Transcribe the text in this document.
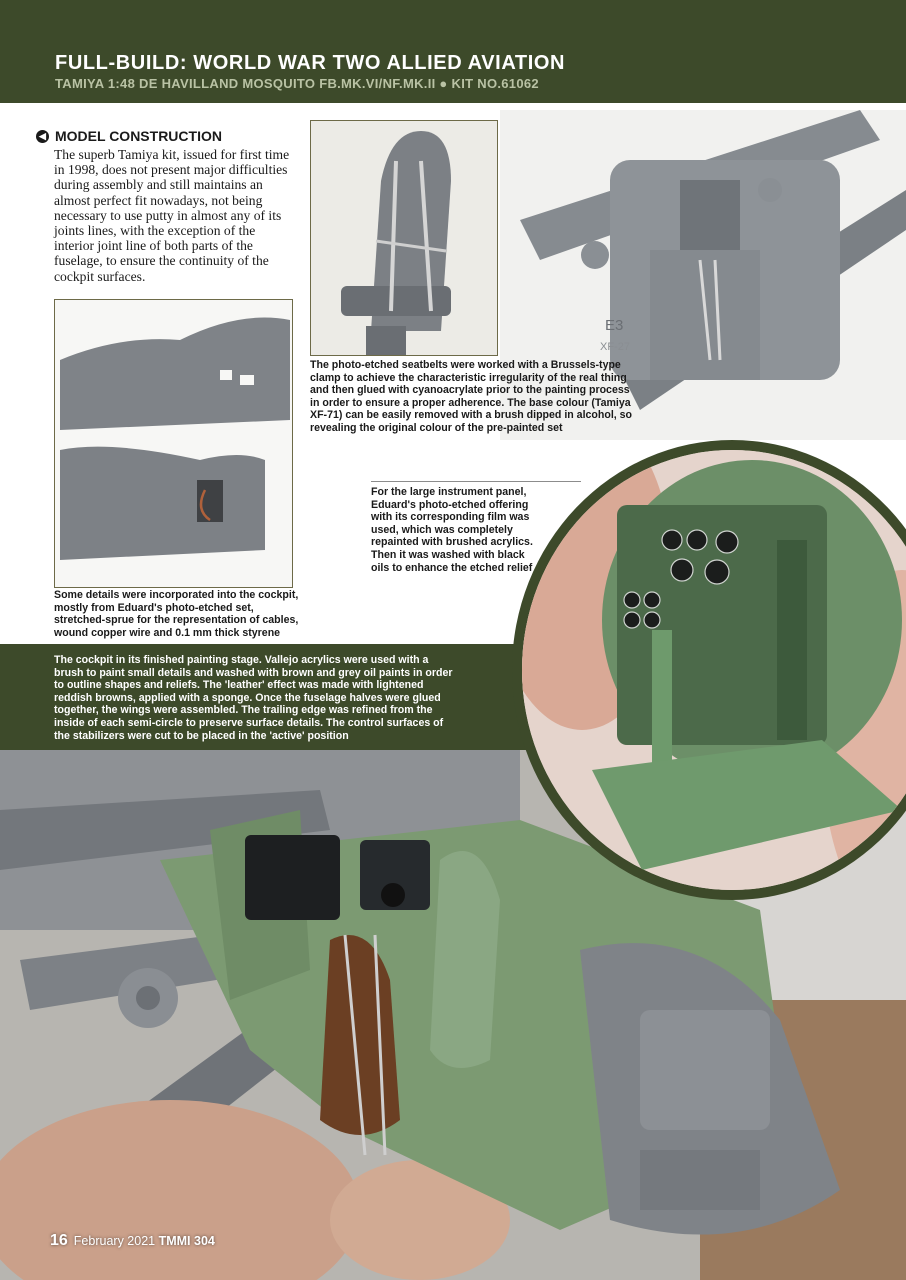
FULL-BUILD: WORLD WAR TWO ALLIED AVIATION
TAMIYA 1:48 DE HAVILLAND MOSQUITO FB.MK.VI/NF.MK.II ● KIT NO.61062
E3
XF-27
◀ MODEL CONSTRUCTION
The superb Tamiya kit, issued for first time in 1998, does not present major difficulties during assembly and still maintains an almost perfect fit nowadays, not being necessary to use putty in almost any of its joints lines, with the exception of the interior joint line of both parts of the fuselage, to ensure the continuity of the cockpit surfaces.
The photo-etched seatbelts were worked with a Brussels-type clamp to achieve the characteristic irregularity of the real thing and then glued with cyanoacrylate prior to the painting process in order to ensure a proper adherence. The base colour (Tamiya XF-71) can be easily removed with a brush dipped in alcohol, so revealing the original colour of the pre-painted set
For the large instrument panel, Eduard's photo-etched offering with its corresponding film was used, which was completely repainted with brushed acrylics. Then it was washed with black oils to enhance the etched relief
Some details were incorporated into the cockpit, mostly from Eduard's photo-etched set, stretched-sprue for the representation of cables, wound copper wire and 0.1 mm thick styrene
The cockpit in its finished painting stage. Vallejo acrylics were used with a brush to paint small details and washed with brown and grey oil paints in order to outline shapes and reliefs. The 'leather' effect was made with lightened reddish browns, applied with a sponge. Once the fuselage halves were glued together, the wings were assembled. The trailing edge was refined from the inside of each semi-circle to preserve surface details. The control surfaces of the stabilizers were cut to be placed in the 'active' position
16 February 2021 TMMI 304
